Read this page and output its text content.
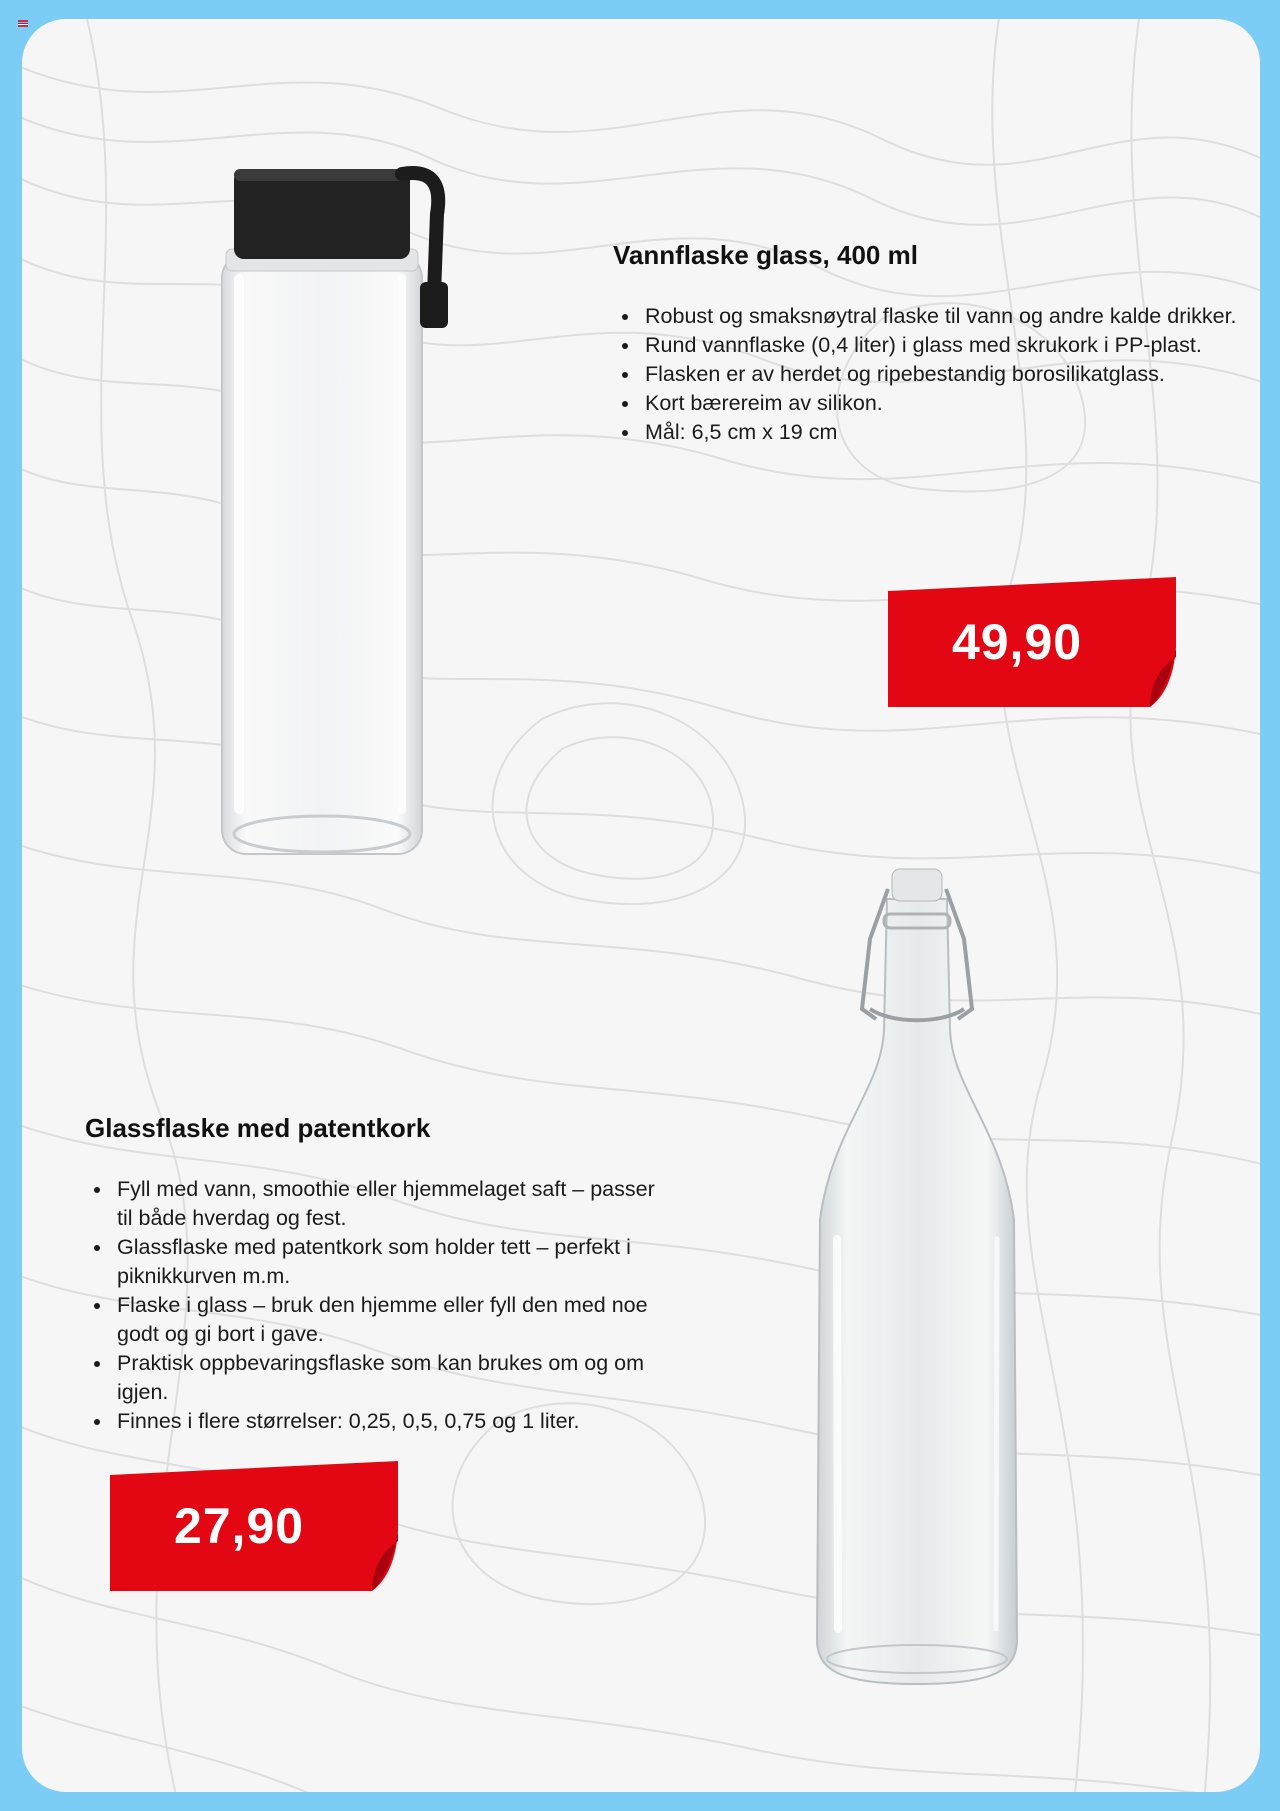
Vannflaske glass, 400 ml
• Robust og smaksnøytral flaske til vann og andre kalde drikker.
• Rund vannflaske (0,4 liter) i glass med skrukork i PP-plast.
• Flasken er av herdet og ripebestandig borosilikatglass.
• Kort bærereim av silikon.
• Mål: 6,5 cm x 19 cm
49,90
Glassflaske med patentkork
• Fyll med vann, smoothie eller hjemmelaget saft – passer til både hverdag og fest.
• Glassflaske med patentkork som holder tett – perfekt i piknikkurven m.m.
• Flaske i glass – bruk den hjemme eller fyll den med noe godt og gi bort i gave.
• Praktisk oppbevaringsflaske som kan brukes om og om igjen.
• Finnes i flere størrelser: 0,25, 0,5, 0,75 og 1 liter.
27,90
